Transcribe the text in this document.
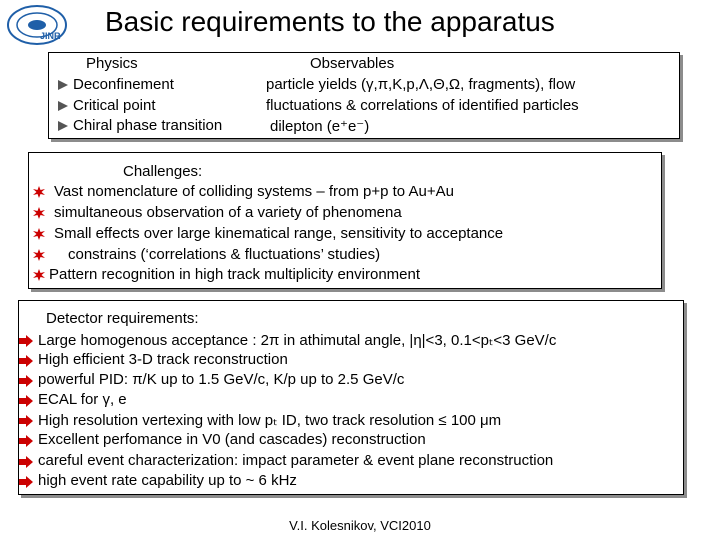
JINR Basic requirements to the apparatus
Physics	Observables
Deconfinement	particle yields (γ,π,K,p,Λ,Θ,Ω, fragments), flow
Critical point	fluctuations & correlations of identified particles
Chiral phase transition	dilepton (e⁺e⁻)
Challenges:
Vast nomenclature of colliding systems – from p+p to Au+Au
simultaneous observation of a variety of phenomena
Small effects over large kinematical range, sensitivity to acceptance
constrains (‘correlations & fluctuations’ studies)
Pattern recognition in high track multiplicity environment
Detector requirements:
Large homogenous acceptance : 2π in athimutal angle, |η|<3, 0.1<pₜ<3 GeV/c
High efficient 3-D track reconstruction
powerful PID: π/K up to 1.5 GeV/c, K/p up to 2.5 GeV/c
ECAL for γ, e
High resolution vertexing with low pₜ ID, two track resolution ≤ 100 μm
Excellent perfomance in V0 (and cascades) reconstruction
careful event characterization: impact parameter & event plane reconstruction
high event rate capability up to ~ 6 kHz
V.I. Kolesnikov, VCI2010
